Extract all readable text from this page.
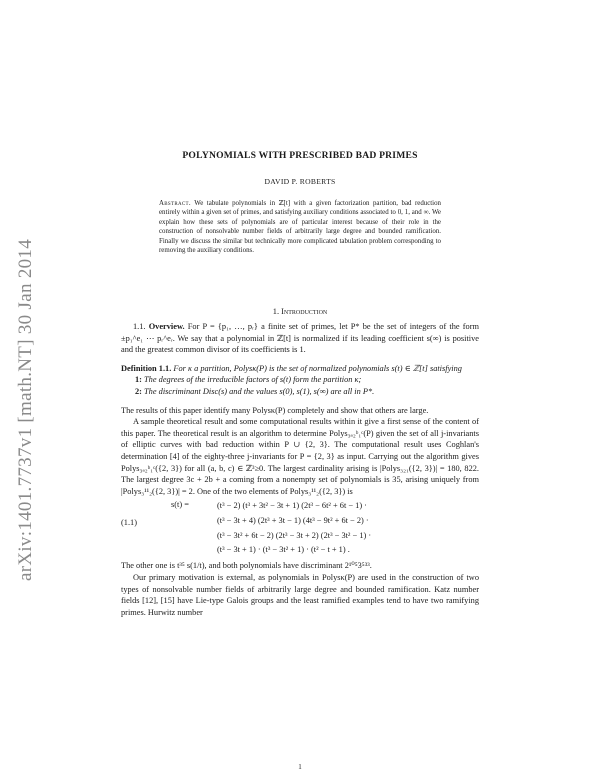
arXiv:1401.7737v1 [math.NT] 30 Jan 2014
POLYNOMIALS WITH PRESCRIBED BAD PRIMES
DAVID P. ROBERTS
Abstract. We tabulate polynomials in ℤ[t] with a given factorization partition, bad reduction entirely within a given set of primes, and satisfying auxiliary conditions associated to 0, 1, and ∞. We explain how these sets of polynomials are of particular interest because of their role in the construction of nonsolvable number fields of arbitrarily large degree and bounded ramification. Finally we discuss the similar but technically more complicated tabulation problem corresponding to removing the auxiliary conditions.
1. Introduction

1.1. Overview. For P = {p₁, …, pᵣ} a finite set of primes, let P* be the set of integers of the form ±p₁^e₁ ⋯ pᵣ^eᵣ. We say that a polynomial in ℤ[t] is normalized if its leading coefficient s(∞) is positive and the greatest common divisor of its coefficients is 1.

Definition 1.1. For κ a partition, Polysκ(P) is the set of normalized polynomials s(t) ∈ ℤ[t] satisfying

1: The degrees of the irreducible factors of s(t) form the partition κ;
2: The discriminant Disc(s) and the values s(0), s(1), s(∞) are all in P*.

The results of this paper identify many Polysκ(P) completely and show that others are large.

A sample theoretical result and some computational results within it give a first sense of the content of this paper. The theoretical result is an algorithm to determine Polys₃ₐ₂ᵇ₁ᶜ(P) given the set of all j-invariants of elliptic curves with bad reduction within P ∪ {2, 3}. The computational result uses Coghlan's determination [4] of the eighty-three j-invariants for P = {2, 3} as input. Carrying out the algorithm gives Polys₃ₐ₂ᵇ₁ᶜ({2, 3}) for all (a, b, c) ∈ ℤ³≥0. The largest cardinality arising is |Polys₃₂₁({2, 3})| = 180, 822. The largest degree 3c + 2b + a coming from a nonempty set of polynomials is 35, arising uniquely from |Polys₃¹¹₂({2, 3})| = 2. One of the two elements of Polys₃¹¹₂({2, 3}) is

(1.1)
s(t) =	(t³ − 2) (t³ + 3t² − 3t + 1) (2t³ − 6t² + 6t − 1) ·
(t³ − 3t + 4) (2t³ + 3t − 1) (4t³ − 9t² + 6t − 2) ·
(t³ − 3t² + 6t − 2) (2t³ − 3t + 2) (2t³ − 3t² − 1) ·
(t³ − 3t + 1) · (t³ − 3t² + 1) · (t² − t + 1) .

The other one is t³⁵ s(1/t), and both polynomials have discriminant 2¹⁰⁵3⁵³³.

Our primary motivation is external, as polynomials in Polysκ(P) are used in the construction of two types of nonsolvable number fields of arbitrarily large degree and bounded ramification. Katz number fields [12], [15] have Lie-type Galois groups and the least ramified examples tend to have two ramifying primes. Hurwitz number

1
